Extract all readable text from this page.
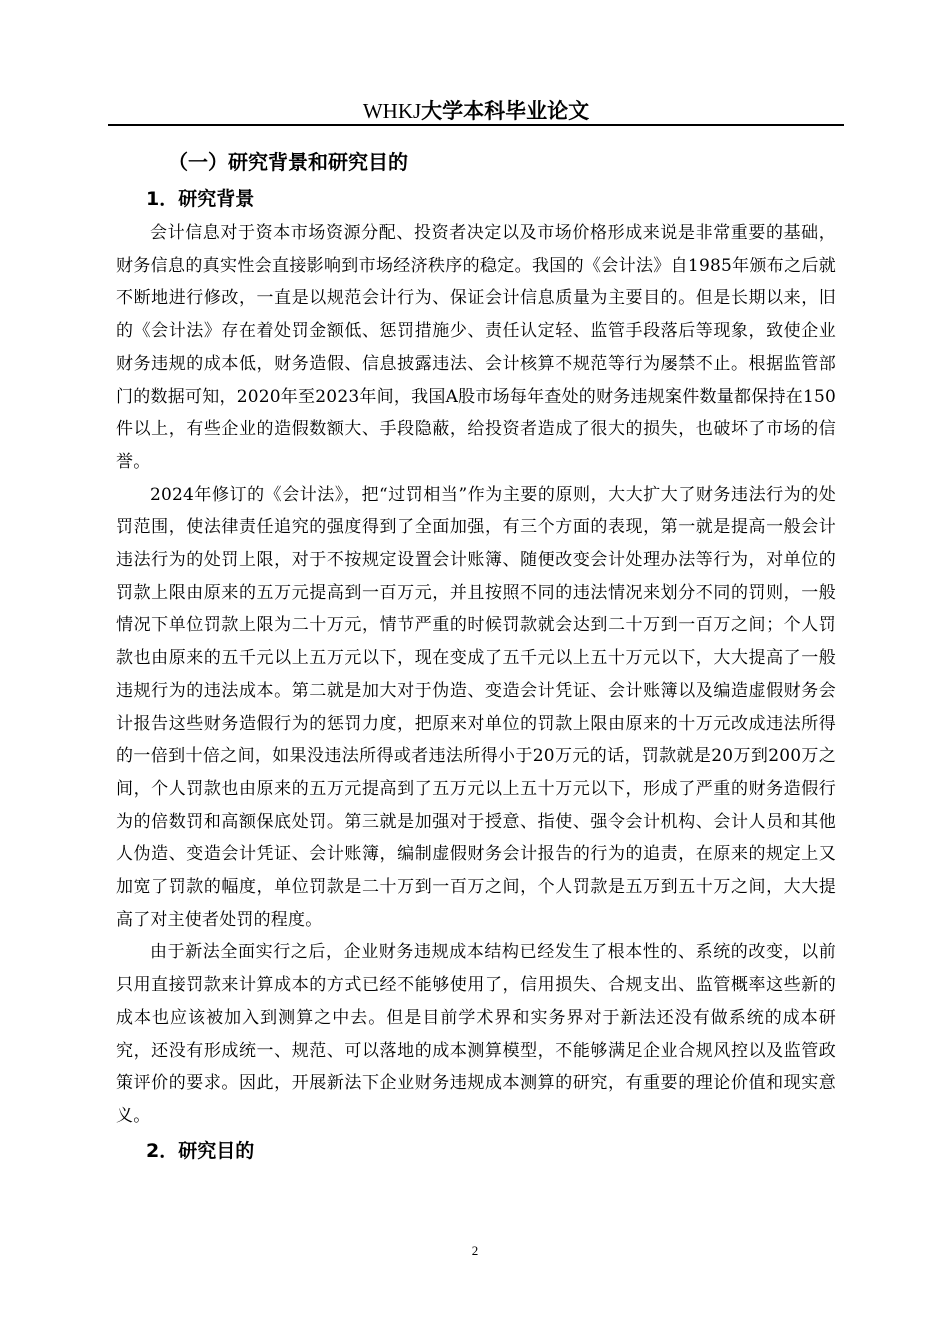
WHKJ大学本科毕业论文
（一）研究背景和研究目的
1．研究背景

会计信息对于资本市场资源分配、投资者决定以及市场价格形成来说是非常重要的基础，财务信息的真实性会直接影响到市场经济秩序的稳定。我国的《会计法》自1985年颁布之后就不断地进行修改，一直是以规范会计行为、保证会计信息质量为主要目的。但是长期以来，旧的《会计法》存在着处罚金额低、惩罚措施少、责任认定轻、监管手段落后等现象，致使企业财务违规的成本低，财务造假、信息披露违法、会计核算不规范等行为屡禁不止。根据监管部门的数据可知，2020年至2023年间，我国A股市场每年查处的财务违规案件数量都保持在150件以上，有些企业的造假数额大、手段隐蔽，给投资者造成了很大的损失，也破坏了市场的信誉。

2024年修订的《会计法》，把“过罚相当”作为主要的原则，大大扩大了财务违法行为的处罚范围，使法律责任追究的强度得到了全面加强，有三个方面的表现，第一就是提高一般会计违法行为的处罚上限，对于不按规定设置会计账簿、随便改变会计处理办法等行为，对单位的罚款上限由原来的五万元提高到一百万元，并且按照不同的违法情况来划分不同的罚则，一般情况下单位罚款上限为二十万元，情节严重的时候罚款就会达到二十万到一百万之间；个人罚款也由原来的五千元以上五万元以下，现在变成了五千元以上五十万元以下，大大提高了一般违规行为的违法成本。第二就是加大对于伪造、变造会计凭证、会计账簿以及编造虚假财务会计报告这些财务造假行为的惩罚力度，把原来对单位的罚款上限由原来的十万元改成违法所得的一倍到十倍之间，如果没违法所得或者违法所得小于20万元的话，罚款就是20万到200万之间，个人罚款也由原来的五万元提高到了五万元以上五十万元以下，形成了严重的财务造假行为的倍数罚和高额保底处罚。第三就是加强对于授意、指使、强令会计机构、会计人员和其他人伪造、变造会计凭证、会计账簿，编制虚假财务会计报告的行为的追责，在原来的规定上又加宽了罚款的幅度，单位罚款是二十万到一百万之间，个人罚款是五万到五十万之间，大大提高了对主使者处罚的程度。

由于新法全面实行之后，企业财务违规成本结构已经发生了根本性的、系统的改变，以前只用直接罚款来计算成本的方式已经不能够使用了，信用损失、合规支出、监管概率这些新的成本也应该被加入到测算之中去。但是目前学术界和实务界对于新法还没有做系统的成本研究，还没有形成统一、规范、可以落地的成本测算模型，不能够满足企业合规风控以及监管政策评价的要求。因此，开展新法下企业财务违规成本测算的研究，有重要的理论价值和现实意义。

2．研究目的
2
